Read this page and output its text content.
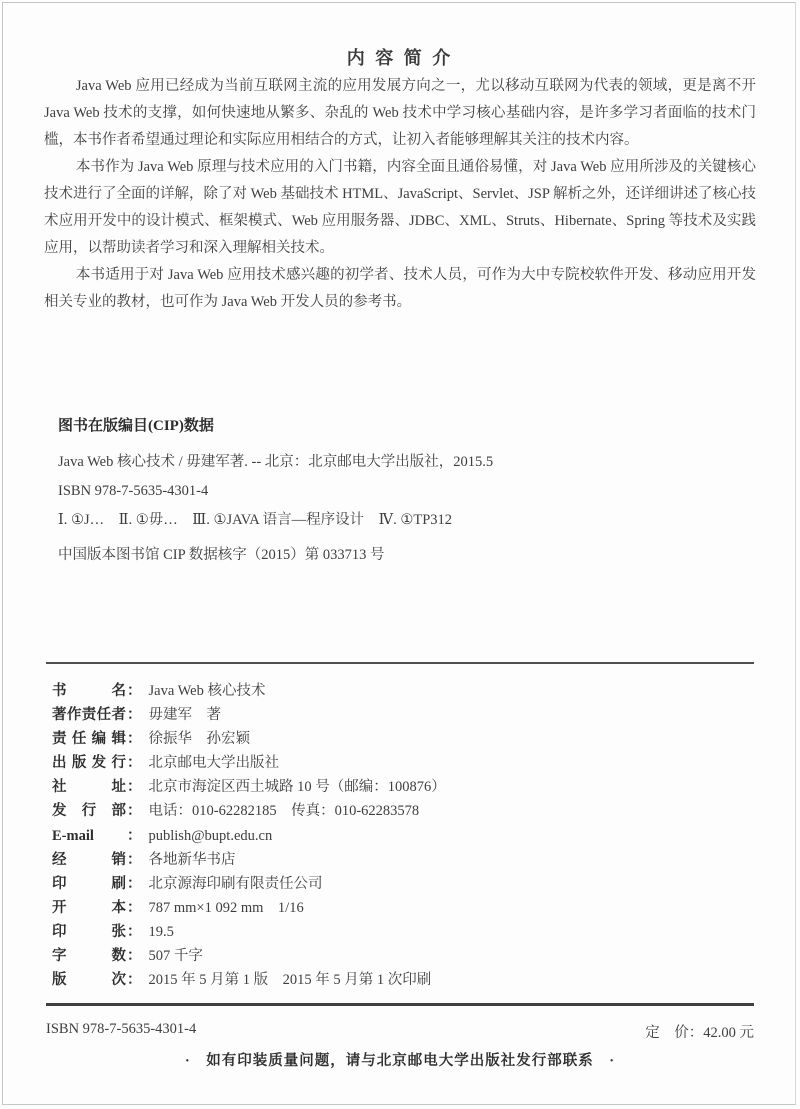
内 容 简 介

Java Web 应用已经成为当前互联网主流的应用发展方向之一，尤以移动互联网为代表的领域，更是离不开 Java Web 技术的支撑，如何快速地从繁多、杂乱的 Web 技术中学习核心基础内容，是许多学习者面临的技术门槛，本书作者希望通过理论和实际应用相结合的方式，让初入者能够理解其关注的技术内容。

本书作为 Java Web 原理与技术应用的入门书籍，内容全面且通俗易懂，对 Java Web 应用所涉及的关键核心技术进行了全面的详解，除了对 Web 基础技术 HTML、JavaScript、Servlet、JSP 解析之外，还详细讲述了核心技术应用开发中的设计模式、框架模式、Web 应用服务器、JDBC、XML、Struts、Hibernate、Spring 等技术及实践应用，以帮助读者学习和深入理解相关技术。

本书适用于对 Java Web 应用技术感兴趣的初学者、技术人员，可作为大中专院校软件开发、移动应用开发相关专业的教材，也可作为 Java Web 开发人员的参考书。

图书在版编目(CIP)数据
Java Web 核心技术 / 毋建军著. -- 北京：北京邮电大学出版社，2015.5
ISBN 978-7-5635-4301-4
Ⅰ. ①J…　Ⅱ. ①毋…　Ⅲ. ①JAVA 语言—程序设计　Ⅳ. ①TP312
中国版本图书馆 CIP 数据核字（2015）第 033713 号
书名 ： Java Web 核心技术
著作责任者 ： 毋建军　著
责任编辑 ： 徐振华　孙宏颖
出版发行 ： 北京邮电大学出版社
社址 ： 北京市海淀区西土城路 10 号（邮编：100876）
发行部 ： 电话：010-62282185　传真：010-62283578
E-mail	： publish@bupt.edu.cn
经销 ： 各地新华书店
印刷 ： 北京源海印刷有限责任公司
开本 ： 787 mm×1 092 mm　1/16
印张 ： 19.5
字数 ： 507 千字
版次 ： 2015 年 5 月第 1 版　2015 年 5 月第 1 次印刷
ISBN 978-7-5635-4301-4	定　价：42.00 元
·　如有印装质量问题，请与北京邮电大学出版社发行部联系　·
